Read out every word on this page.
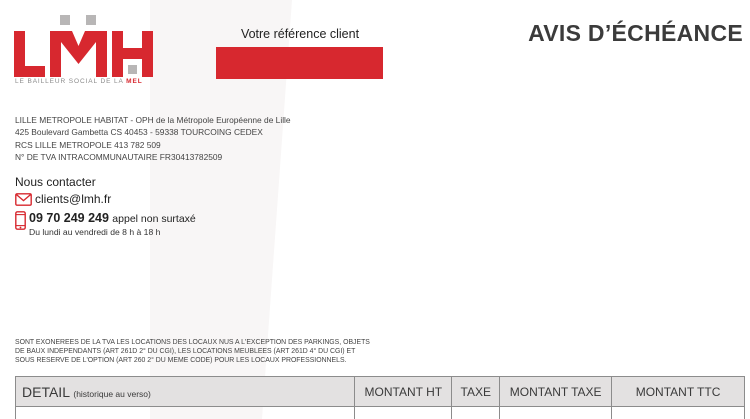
LE BAILLEUR SOCIAL DE LA MEL
Votre référence client	AVIS D’ÉCHÉANCE
LILLE METROPOLE HABITAT - OPH de la Métropole Européenne de Lille
425 Boulevard Gambetta CS 40453 - 59338 TOURCOING CEDEX
RCS LILLE METROPOLE 413 782 509
N° DE TVA INTRACOMMUNAUTAIRE FR30413782509
Nous contacter
clients@lmh.fr
09 70 249 249 appel non surtaxé
Du lundi au vendredi de 8 h à 18 h
SONT EXONEREES DE LA TVA LES LOCATIONS DES LOCAUX NUS A L'EXCEPTION DES PARKINGS, OBJETS
DE BAUX INDEPENDANTS (ART 261D 2° DU CGI), LES LOCATIONS MEUBLEES (ART 261D 4° DU CGI) ET
SOUS RESERVE DE L'OPTION (ART 260 2° DU MEME CODE) POUR LES LOCAUX PROFESSIONNELS.
DETAIL (historique au verso)	MONTANT HT	TAXE	MONTANT TAXE	MONTANT TTC
